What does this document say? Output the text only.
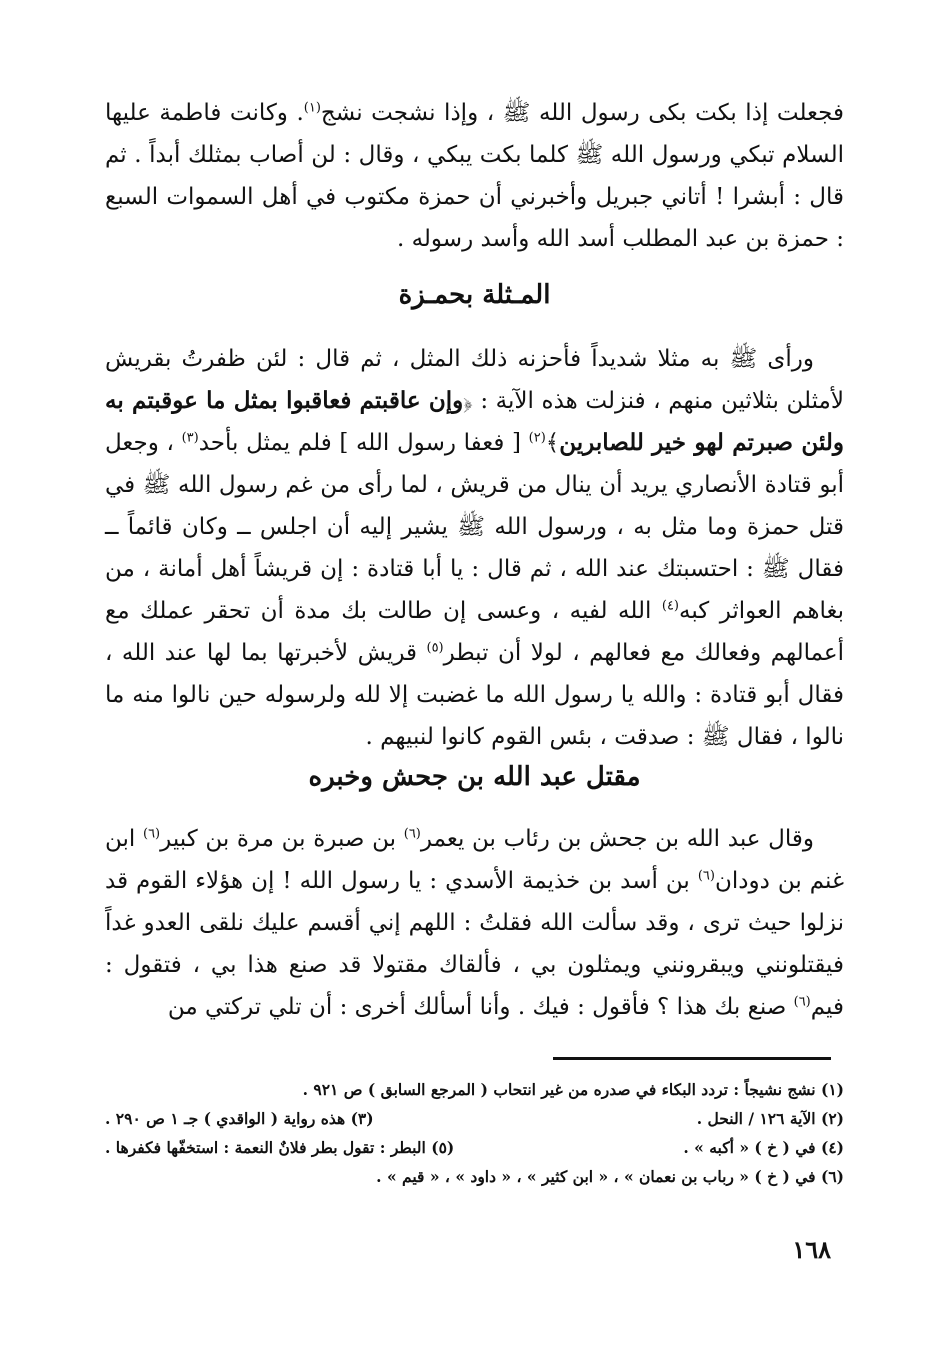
فجعلت إذا بكت بكى رسول الله ﷺ ، وإذا نشجت نشج$^{(١)}$. وكانت فاطمة عليها السلام تبكي ورسول الله ﷺ كلما بكت يبكي ، وقال : لن أصاب بمثلك أبداً . ثم قال : أبشرا ! أتاني جبريل وأخبرني أن حمزة مكتوب في أهل السموات السبع : حمزة بن عبد المطلب أسد الله وأسد رسوله .

المـثلة بحمـزة

ورأى ﷺ به مثلا شديداً فأحزنه ذلك المثل ، ثم قال : لئن ظفرتُ بقريش لأمثلن بثلاثين منهم ، فنزلت هذه الآية : ﴿وإن عاقبتم فعاقبوا بمثل ما عوقبتم به ولئن صبرتم لهو خير للصابرين﴾$^{(٢)}$ [ فعفا رسول الله ] فلم يمثل بأحد$^{(٣)}$ ، وجعل أبو قتادة الأنصاري يريد أن ينال من قريش ، لما رأى من غم رسول الله ﷺ في قتل حمزة وما مثل به ، ورسول الله ﷺ يشير إليه أن اجلس ــ وكان قائماً ــ فقال ﷺ : احتسبتك عند الله ، ثم قال : يا أبا قتادة : إن قريشاً أهل أمانة ، من بغاهم العواثر كبه$^{(٤)}$ الله لفيه ، وعسى إن طالت بك مدة أن تحقر عملك مع أعمالهم وفعالك مع فعالهم ، لولا أن تبطر$^{(٥)}$ قريش لأخبرتها بما لها عند الله ، فقال أبو قتادة : والله يا رسول الله ما غضبت إلا لله ولرسوله حين نالوا منه ما نالوا ، فقال ﷺ : صدقت ، بئس القوم كانوا لنبيهم .

مقتل عبد الله بن جحش وخبره

وقال عبد الله بن جحش بن رئاب بن يعمر$^{(٦)}$ بن صبرة بن مرة بن كبير$^{(٦)}$ ابن غنم بن دودان$^{(٦)}$ بن أسد بن خذيمة الأسدي : يا رسول الله ! إن هؤلاء القوم قد نزلوا حيث ترى ، وقد سألت الله فقلتُ : اللهم إني أقسم عليك نلقى العدو غداً فيقتلونني ويبقرونني ويمثلون بي ، فألقاك مقتولا قد صنع هذا بي ، فتقول : فيم$^{(٦)}$ صنع بك هذا ؟ فأقول : فيك . وأنا أسألك أخرى : أن تلي تركتي من

(١) نشج نشيجاً : تردد البكاء في صدره من غير انتحاب ( المرجع السابق ) ص ٩٢١ .
(٢) الآية ١٢٦ / النحل .
(٣) هذه رواية ( الواقدي ) جـ ١ ص ٢٩٠ .
(٤) في ( خ ) « أكبه » .
(٥) البطر : تقول بطر فلانٌ النعمة : استخفّها فكفرها .
(٦) في ( خ ) « رباب بن نعمان » ، « ابن كثير » ، « داود » ، « قيم » .
١٦٨
